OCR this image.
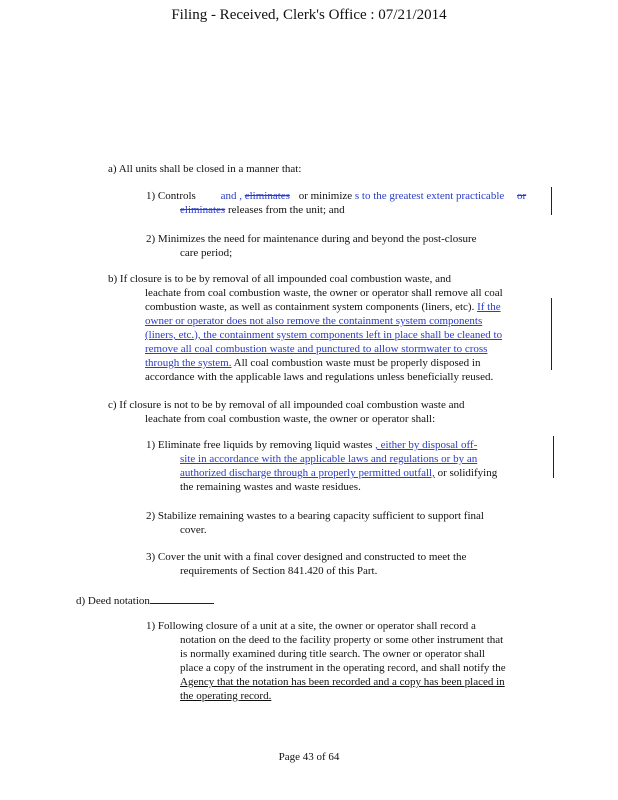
Filing - Received, Clerk's Office : 07/21/2014
a) All units shall be closed in a manner that:
1) Controls and , eliminates or minimize s to the greatest extent practicable or
eliminates releases from the unit; and
2) Minimizes the need for maintenance during and beyond the post-closure
care period;
b) If closure is to be by removal of all impounded coal combustion waste, and
leachate from coal combustion waste, the owner or operator shall remove all coal
combustion waste, as well as containment system components (liners, etc). If the
owner or operator does not also remove the containment system components
(liners, etc.), the containment system components left in place shall be cleaned to
remove all coal combustion waste and punctured to allow stormwater to cross
through the system. All coal combustion waste must be properly disposed in
accordance with the applicable laws and regulations unless beneficially reused.
c) If closure is not to be by removal of all impounded coal combustion waste and
leachate from coal combustion waste, the owner or operator shall:
1) Eliminate free liquids by removing liquid wastes , either by disposal off-
site in accordance with the applicable laws and regulations or by an
authorized discharge through a properly permitted outfall, or solidifying
the remaining wastes and waste residues.
2) Stabilize remaining wastes to a bearing capacity sufficient to support final
cover.
3) Cover the unit with a final cover designed and constructed to meet the
requirements of Section 841.420 of this Part.
d) Deed notation
1) Following closure of a unit at a site, the owner or operator shall record a
notation on the deed to the facility property or some other instrument that
is normally examined during title search. The owner or operator shall
place a copy of the instrument in the operating record, and shall notify the
Agency that the notation has been recorded and a copy has been placed in
the operating record.
Page 43 of 64
